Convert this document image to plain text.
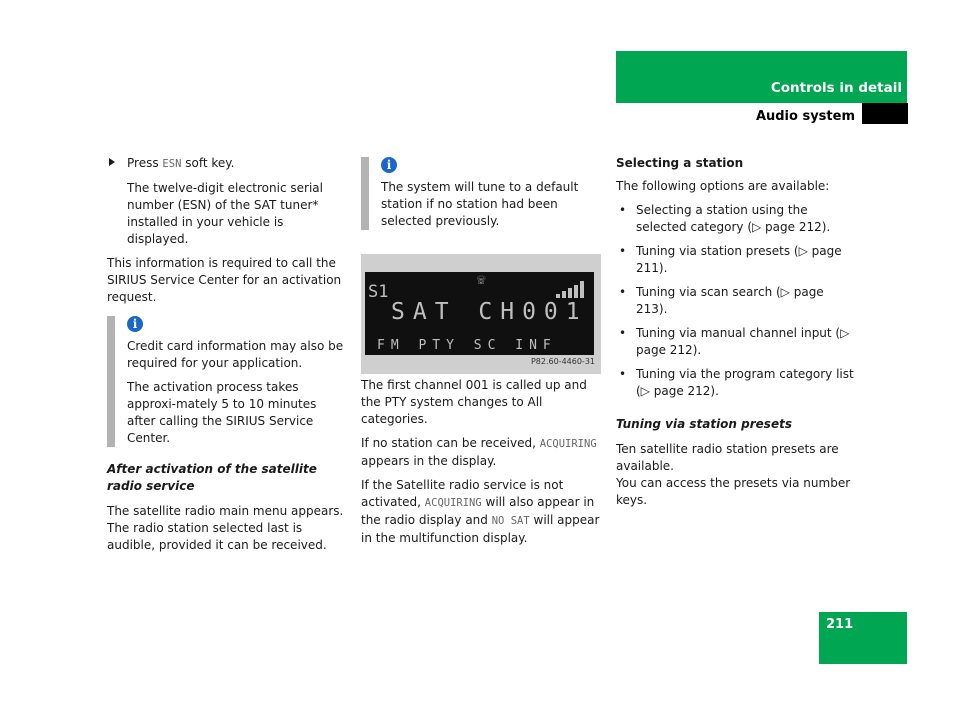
Controls in detail
Audio system

Press ESN soft key.

The twelve-digit electronic serial number (ESN) of the SAT tuner* installed in your vehicle is displayed.

This information is required to call the SIRIUS Service Center for an activation request.

i

Credit card information may also be required for your application.

The activation process takes approxi-mately 5 to 10 minutes after calling the SIRIUS Service Center.

After activation of the satellite radio service

The satellite radio main menu appears. The radio station selected last is audible, provided it can be received.

i

The system will tune to a default station if no station had been selected previously.

☏
S1
SAT CH001
FM PTY SC INF
P82.60-4460-31

The first channel 001 is called up and the PTY system changes to All categories.

If no station can be received, ACQUIRING appears in the display.

If the Satellite radio service is not activated, ACQUIRING will also appear in the radio display and NO SAT will appear in the multifunction display.

Selecting a station

The following options are available:

• Selecting a station using the selected category (▷ page 212).
• Tuning via station presets (▷ page 211).
• Tuning via scan search (▷ page 213).
• Tuning via manual channel input (▷ page 212).
• Tuning via the program category list (▷ page 212).

Tuning via station presets

Ten satellite radio station presets are available.

You can access the presets via number keys.

211
